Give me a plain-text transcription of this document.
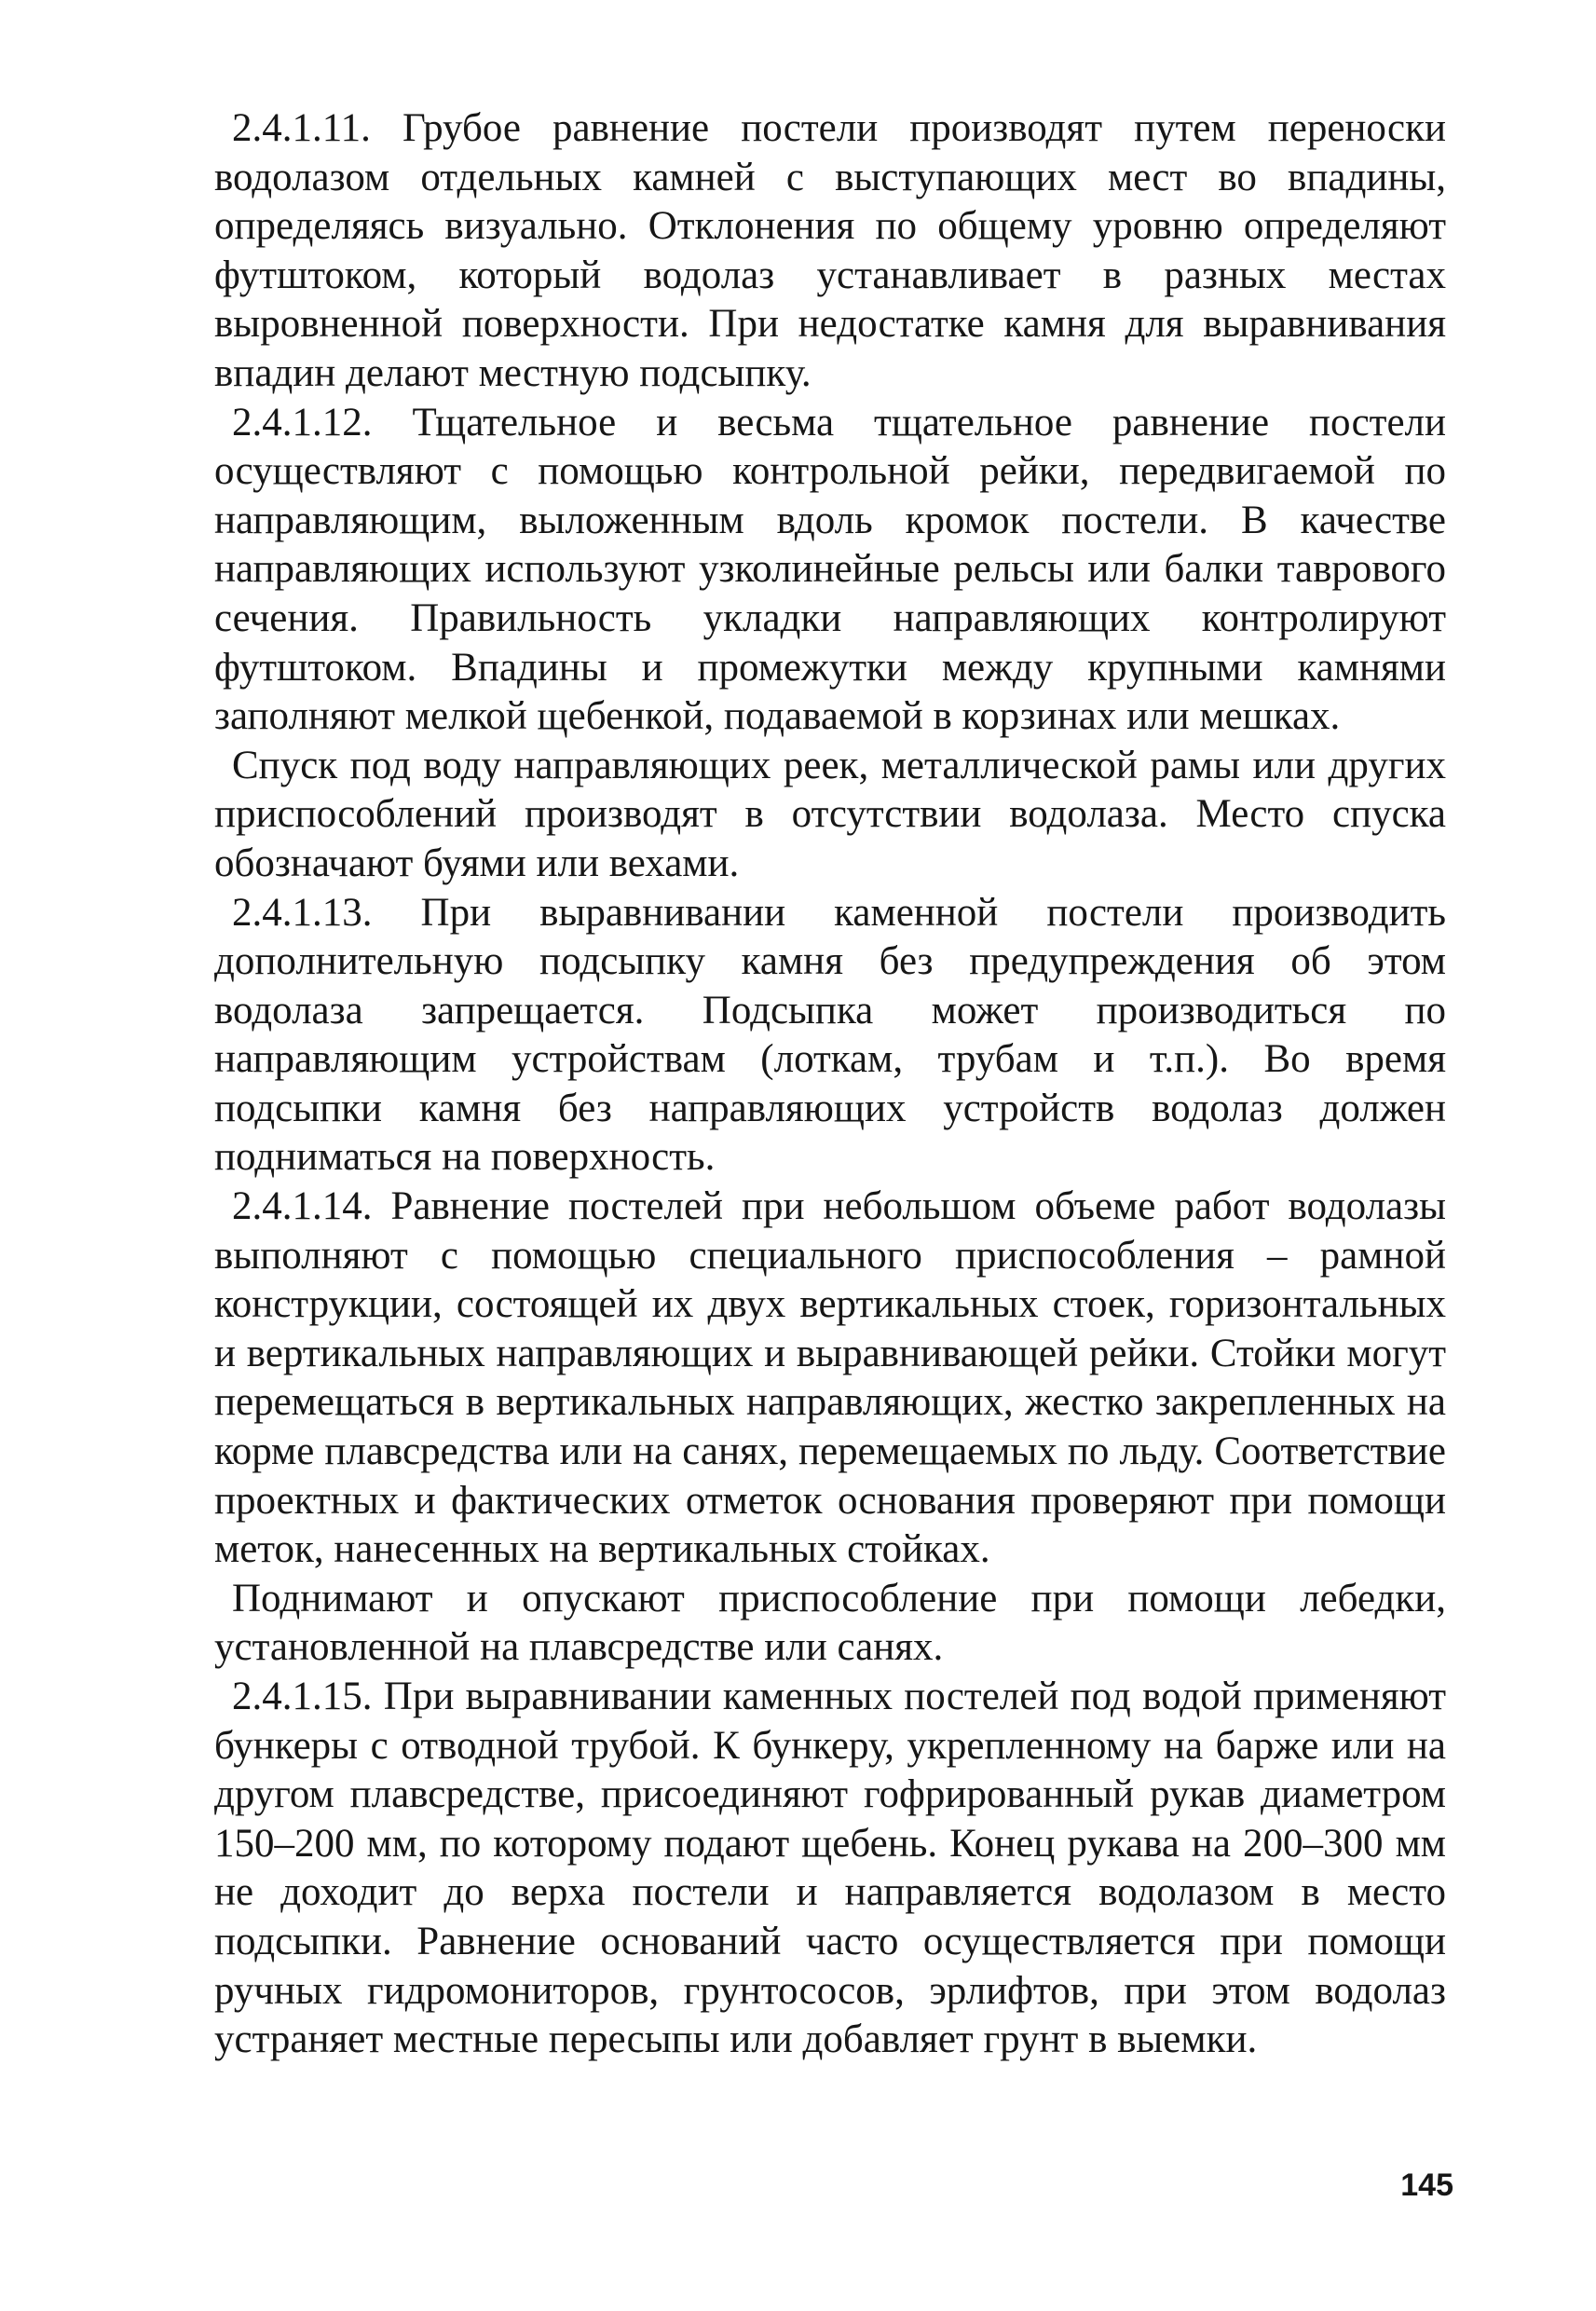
2.4.1.11. Грубое равнение постели производят путем переноски водолазом отдельных камней с выступающих мест во впадины, определяясь визуально. Отклонения по общему уровню определяют футштоком, который водолаз устанавливает в разных местах выровненной поверхности. При недостатке камня для выравнивания впадин делают местную подсыпку.

2.4.1.12. Тщательное и весьма тщательное равнение постели осуществляют с помощью контрольной рейки, передвигаемой по направляющим, выложенным вдоль кромок постели. В качестве направляющих используют узколинейные рельсы или балки таврового сечения. Правильность укладки направляющих контролируют футштоком. Впадины и промежутки между крупными камнями заполняют мелкой щебенкой, подаваемой в корзинах или мешках.

Спуск под воду направляющих реек, металлической рамы или других приспособлений производят в отсутствии водолаза. Место спуска обозначают буями или вехами.

2.4.1.13. При выравнивании каменной постели производить дополнительную подсыпку камня без предупреждения об этом водолаза запрещается. Подсыпка может производиться по направляющим устройствам (лоткам, трубам и т.п.). Во время подсыпки камня без направляющих устройств водолаз должен подниматься на поверхность.

2.4.1.14. Равнение постелей при небольшом объеме работ водолазы выполняют с помощью специального приспособления – рамной конструкции, состоящей их двух вертикальных стоек, горизонтальных и вертикальных направляющих и выравнивающей рейки. Стойки могут перемещаться в вертикальных направляющих, жестко закрепленных на корме плавсредства или на санях, перемещаемых по льду. Соответствие проектных и фактических отметок основания проверяют при помощи меток, нанесенных на вертикальных стойках.

Поднимают и опускают приспособление при помощи лебедки, установленной на плавсредстве или санях.

2.4.1.15. При выравнивании каменных постелей под водой применяют бункеры с отводной трубой. К бункеру, укрепленному на барже или на другом плавсредстве, присоединяют гофрированный рукав диаметром 150–200 мм, по которому подают щебень. Конец рукава на 200–300 мм не доходит до верха постели и направляется водолазом в место подсыпки. Равнение оснований часто осуществляется при помощи ручных гидромониторов, грунтососов, эрлифтов, при этом водолаз устраняет местные пересыпы или добавляет грунт в выемки.

145
